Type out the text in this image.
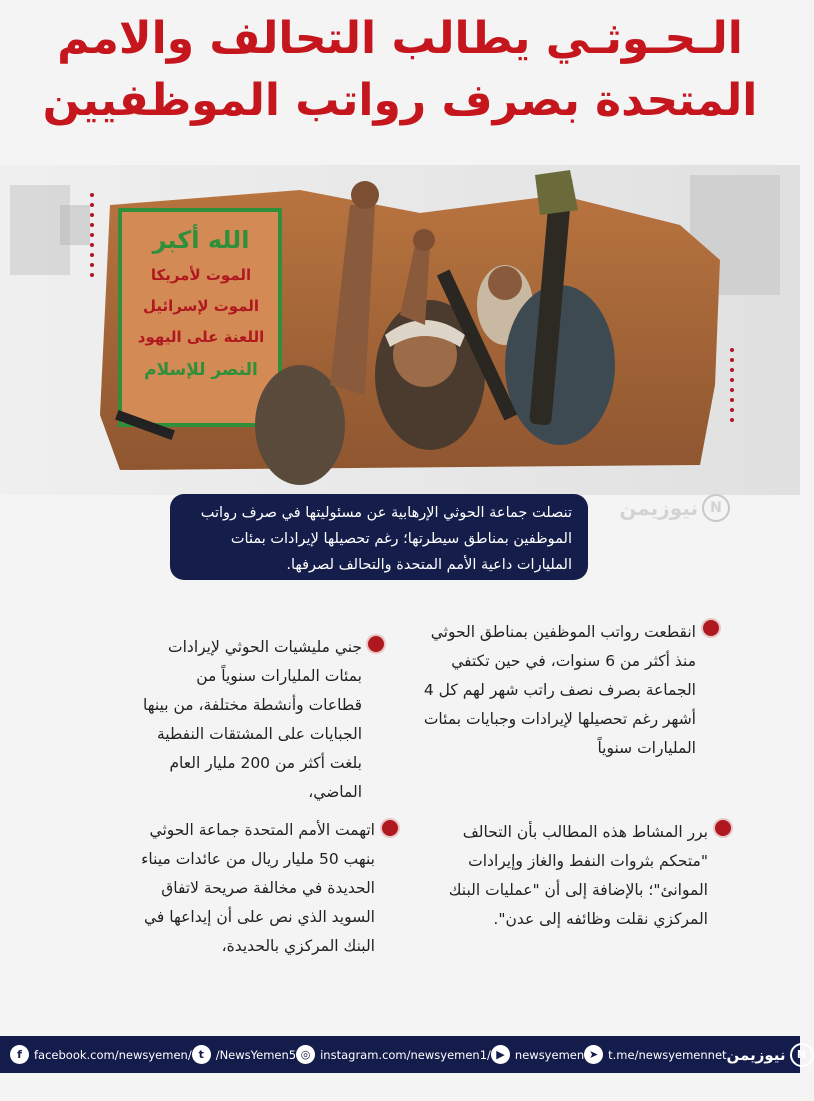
الـحـوثـي يطالب التحالف والامم
المتحدة بصرف رواتب الموظفيين
الله أكبر
الموت لأمريكا
الموت لإسرائيل
اللعنة على اليهود
النصر للإسلام
تنصلت جماعة الحوثي الإرهابية عن مسئوليتها في صرف رواتب الموظفين بمناطق سيطرتها؛ رغم تحصيلها لإيرادات بمئات المليارات داعية الأمم المتحدة والتحالف لصرفها.
N
نيوزيمن
انقطعت رواتب الموظفين بمناطق الحوثي منذ أكثر من 6 سنوات، في حين تكتفي الجماعة بصرف نصف راتب شهر لهم كل 4 أشهر رغم تحصيلها لإيرادات وجبايات بمئات المليارات سنوياً
جني مليشيات الحوثي لإيرادات بمئات المليارات سنوياً من قطاعات وأنشطة مختلفة، من بينها الجبايات على المشتقات النفطية بلغت أكثر من 200 مليار العام الماضي،
برر المشاط هذه المطالب بأن التحالف "متحكم بثروات النفط والغاز وإيرادات الموانئ"؛ بالإضافة إلى أن "عمليات البنك المركزي نقلت وظائفه إلى عدن".
اتهمت الأمم المتحدة جماعة الحوثي بنهب 50 مليار ريال من عائدات ميناء الحديدة في مخالفة صريحة لاتفاق السويد الذي نص على أن إيداعها في البنك المركزي بالحديدة،
f	facebook.com/newsyemen/ t	/NewsYemen5 ◎ instagram.com/newsyemen1/ ▶ newsyemen ➤ t.me/newsyemennet	N
نيوزيمن
